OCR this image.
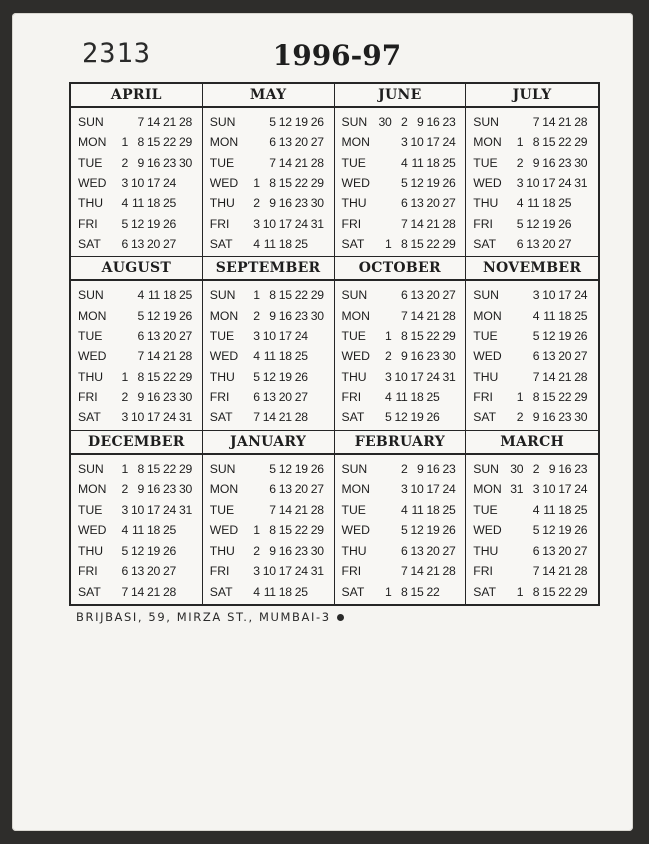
2313	1996-97
APRIL
SUN	7 14 21 28
MON	1 8 15 22 29
TUE	2 9 16 23 30
WED	3 10 17 24
THU	4 11 18 25
FRI	5 12 19 26
SAT	6 13 20 27
MAY
SUN	5 12 19 26
MON	6 13 20 27
TUE	7 14 21 28
WED	1 8 15 22 29
THU	2 9 16 23 30
FRI	3 10 17 24 31
SAT	4 11 18 25
JUNE
SUN 30 2 9 16 23
MON	3 10 17 24
TUE	4 11 18 25
WED	5 12 19 26
THU	6 13 20 27
FRI	7 14 21 28
SAT	1 8 15 22 29
JULY
SUN	7 14 21 28
MON	1 8 15 22 29
TUE	2 9 16 23 30
WED	3 10 17 24 31
THU	4 11 18 25
FRI	5 12 19 26
SAT	6 13 20 27
AUGUST
SUN	4 11 18 25
MON	5 12 19 26
TUE	6 13 20 27
WED	7 14 21 28
THU	1 8 15 22 29
FRI	2 9 16 23 30
SAT	3 10 17 24 31
SEPTEMBER
SUN	1 8 15 22 29
MON	2 9 16 23 30
TUE	3 10 17 24
WED	4 11 18 25
THU	5 12 19 26
FRI	6 13 20 27
SAT	7 14 21 28
OCTOBER
SUN	6 13 20 27
MON	7 14 21 28
TUE	1 8 15 22 29
WED	2 9 16 23 30
THU	3 10 17 24 31
FRI	4 11 18 25
SAT	5 12 19 26
NOVEMBER
SUN	3 10 17 24
MON	4 11 18 25
TUE	5 12 19 26
WED	6 13 20 27
THU	7 14 21 28
FRI	1 8 15 22 29
SAT	2 9 16 23 30
DECEMBER
SUN	1 8 15 22 29
MON	2 9 16 23 30
TUE	3 10 17 24 31
WED	4 11 18 25
THU	5 12 19 26
FRI	6 13 20 27
SAT	7 14 21 28
JANUARY
SUN	5 12 19 26
MON	6 13 20 27
TUE	7 14 21 28
WED	1 8 15 22 29
THU	2 9 16 23 30
FRI	3 10 17 24 31
SAT	4 11 18 25
FEBRUARY
SUN	2 9 16 23
MON	3 10 17 24
TUE	4 11 18 25
WED	5 12 19 26
THU	6 13 20 27
FRI	7 14 21 28
SAT	1 8 15 22
MARCH
SUN 30 2 9 16 23
MON 31 3 10 17 24
TUE	4 11 18 25
WED	5 12 19 26
THU	6 13 20 27
FRI	7 14 21 28
SAT	1 8 15 22 29
BRIJBASI, 59, MIRZA ST., MUMBAI-3
